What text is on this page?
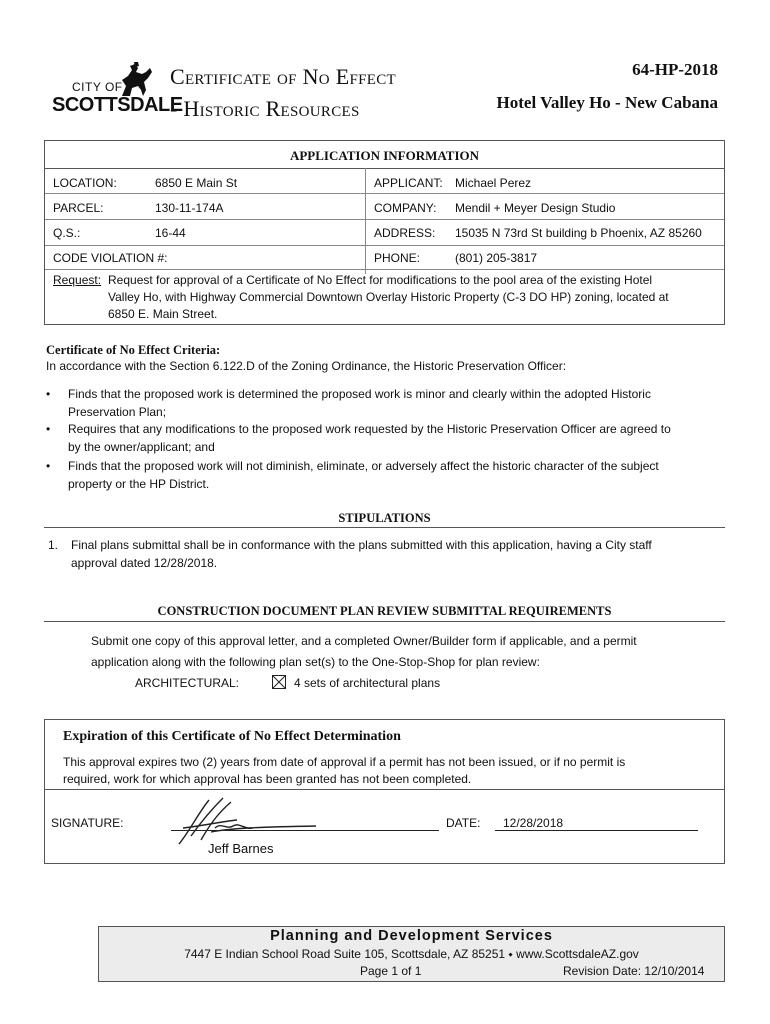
CITY OF
SCOTTSDALE
Certificate of No Effect
- Historic Resources
64-HP-2018
Hotel Valley Ho - New Cabana
APPLICATION INFORMATION
LOCATION:	6850 E Main St	APPLICANT: Michael Perez
PARCEL:	130-11-174A	COMPANY: Mendil + Meyer Design Studio
Q.S.:	16-44	ADDRESS: 15035 N 73rd St building b Phoenix, AZ 85260
CODE VIOLATION #:	PHONE:	(801) 205-3817
Request: Request for approval of a Certificate of No Effect for modifications to the pool area of the existing Hotel
Valley Ho, with Highway Commercial Downtown Overlay Historic Property (C-3 DO HP) zoning, located at
6850 E. Main Street.
Certificate of No Effect Criteria:
In accordance with the Section 6.122.D of the Zoning Ordinance, the Historic Preservation Officer:
• Finds that the proposed work is determined the proposed work is minor and clearly within the adopted Historic
Preservation Plan;
• Requires that any modifications to the proposed work requested by the Historic Preservation Officer are agreed to
by the owner/applicant; and
• Finds that the proposed work will not diminish, eliminate, or adversely affect the historic character of the subject
property or the HP District.
STIPULATIONS
1. Final plans submittal shall be in conformance with the plans submitted with this application, having a City staff
approval dated 12/28/2018.
CONSTRUCTION DOCUMENT PLAN REVIEW SUBMITTAL REQUIREMENTS
Submit one copy of this approval letter, and a completed Owner/Builder form if applicable, and a permit
application along with the following plan set(s) to the One-Stop-Shop for plan review:
ARCHITECTURAL:	4 sets of architectural plans
Expiration of this Certificate of No Effect Determination
This approval expires two (2) years from date of approval if a permit has not been issued, or if no permit is
required, work for which approval has been granted has not been completed.
SIGNATURE:
Jeff Barnes
DATE: 12/28/2018
Planning and Development Services
7447 E Indian School Road Suite 105, Scottsdale, AZ 85251 ⬩ www.ScottsdaleAZ.gov
Page 1 of 1	Revision Date: 12/10/2014
